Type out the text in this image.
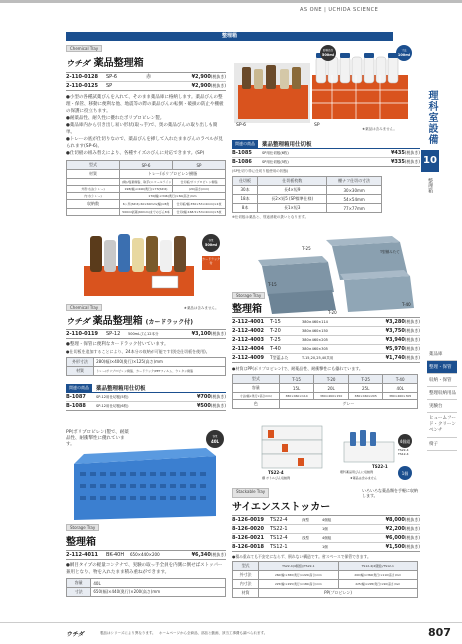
AS ONE | UCHIDA SCIENCE
整理箱
理科室設備
10
整理箱
薬品庫
整理・保管
収納・保管
整理収納用品
実験台
ヒュームフード・クリーンベンチ
椅子
Chemical Tray
ウチダ 薬品整理箱
2-110-0128	SP-6	赤	¥2,900(税抜き)
2-110-0125	SP	¥2,900(税抜き)
●小型の各種試薬びんを入れて、そのまま薬品庫に格納します。薬品びんの整理・保管、移動に便利な他、地震等の際の薬品びんの転倒・破損の防止や棚板の保護に役立ちます。
●耐薬品性、耐久性に優れたポリプロピレン製。
●薬品庫内から引き出し易い形状(取っ手)で、奥の薬品びんの取り出しも簡単。
●トレーの底が仕切りなので、薬品びんを挿して入れたままびんのラベルが見られます(SP-6)。
●仕切板の組み替えにより、各種サイズのびんに対応できます。(SP)
型式	SP-6	SP
材質	トレー/ポリプロピレン樹脂	
	(樹)/塩素樹脂、取手(ニコールライン	仕切板/ポリプロピレン樹脂
外形寸法(トレー)	198(幅)×440(奥行)×73(SP-6)	(20(高さ)mm)
内寸(トレー)	170(幅)×346(奥行)×60(高さ)mm	
収納数	6ヶ所(SP-6) 60×60mm(幅)×8角	仕切板/幅:350×53×4mm)×2枚
	500ml試薬(69mm)までのびん8本	仕切(幅:168.5×53×4mm)×5枚
SP-6	SP
★薬品は含みません。
耐薬品性
500ml
寸法
100ml
関連の商品	薬品整理箱用仕切板
B-1085	SP用仕切板(6枚)	¥435(税抜き)
B-1086	SP用仕切板(5枚)	¥335(税抜き)
(SP仕切り枠に仕切り板使用の状態)
仕切板	仕切板枚数	棚ナフ仕切の寸法
30本	長4×短9	30×30mm
18本	長2×短5 (SP標準仕様)	54×54mm
8本	長1×短3	77×77mm
※仕切板は薬品と、別途消耗の扱いとなります。
容量
500ml
カードラック付
Chemical Tray	★薬品は含みません。
ウチダ 薬品整理箱 (カードラック付)
2-110-0119	SP-12	500mLびん12本分	¥3,100(税抜き)
●整理・保管に便利なカードラック付いています。
●仕切板を追加することにより、24本分の収納が可能です(別売仕切板を使用)。
外形寸法	280(幅)×400(奥行)×125(高さ)mm
材質	トレー/ポリプロピレン樹脂、カードラック/PETフィルム、ウレタン樹脂
関連の商品	薬品整理箱用仕切板
B-1087	SP-12用仕切板(5枚)	¥700(税抜き)
B-1088	SP-12用仕切板(6枚)	¥500(税抜き)
PP(ポリプロピレン)製で、耐薬品性、耐衝撃性に優れています。
容量
40L
Storage Tray
整理箱
2-112-4011	BK-40H	650×440×200	¥6,340(税抜き)
●網目タイプの軽量コンテナで、実験の取っ手全員を内側に倒せばストッパー兼用となり、物を入れたまま積み重ねができます。
容量	40L
寸法	650(幅)×440(奥行)×200(高さ)mm
T-25
T-15
T-20
T-40
T型積みたて
Storage Tray
整理箱
2-112-4001	T-15	380×460×114	¥3,280(税抜き)
2-112-4002	T-20	380×460×150	¥3,750(税抜き)
2-112-4003	T-25	380×460×205	¥3,940(税抜き)
2-112-4004	T-40	380×460×305	¥5,970(税抜き)
2-112-4009	T型蓋ふた	T-15,20,25,40共用	¥1,740(税抜き)
●材質はPP(ポリプロピレン)で、耐薬品性、耐衝撃性にも優れています。
型式	T-15	T-20	T-25	T-40
容量	15L	20L	25L	40L
寸法(幅×奥行×高さmm)	380×460×114	380×460×150	380×460×205	380×460×305
色	グレー			
TS22-4
棚 ボトルびん収納例
TS22-1
理科薬品用びんに収納例
★薬品は含みません
4個組
TS22-4
TS12-4
1個
Stackable Tray	いろいろな薬品類を手軽に収納します。
サイエンスストッカー
8-126-0019	TS22-4	深型	4個組	¥8,000(税抜き)
8-126-0020	TS22-1	1個	¥2,200(税抜き)
8-126-0021	TS12-4	浅型	4個組	¥6,000(税抜き)
8-126-0018	TS12-1	1個	¥1,500(税抜き)
●積み重ねても不安定にならず、倒れない構造です。省スペースで保管できます。
型式	TS22-4(4個組)/TS22-1	TS12-4(4個組)/TS12-1
外寸法	260(幅)×380(奥行)×220(高さ)mm	260(幅)×360(奥行)×110(高さ)mm
内寸法	225(幅)×295(奥行)×180(高さ)mm	225(幅)×295(奥行)×90(高さ)mm
材質	PP(プロピレン)	
ウチダ	製品はシリーズにより異なります。　ホームページから全商品、部品と動画、該当工事費も調べられます。	807
